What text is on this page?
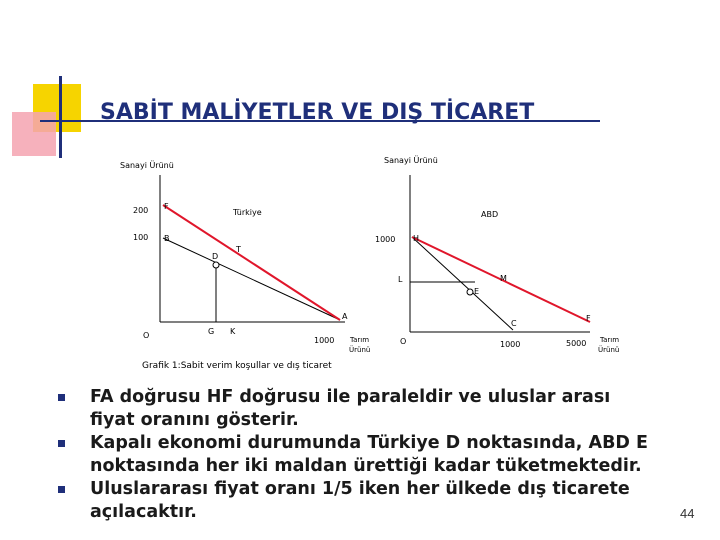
SABİT MALİYETLER VE DIŞ TİCARET
Sanayi Ürünü
Türkiye
200
100
F
B
D
T
A
O	G K
1000 Tarım
Ürünü
Sanayi Ürünü
ABD
1000 H
L	M
E
C
F
O	1000	5000 Tarım
Ürünü
Grafik 1:Sabit verim koşullar ve dış ticaret
FA doğrusu HF doğrusu ile paraleldir ve uluslar arası fiyat oranını gösterir.
Kapalı ekonomi durumunda Türkiye D noktasında, ABD E noktasında her iki maldan ürettiği kadar tüketmektedir.
Uluslararası fiyat oranı 1/5 iken her ülkede dış ticarete açılacaktır.	44
